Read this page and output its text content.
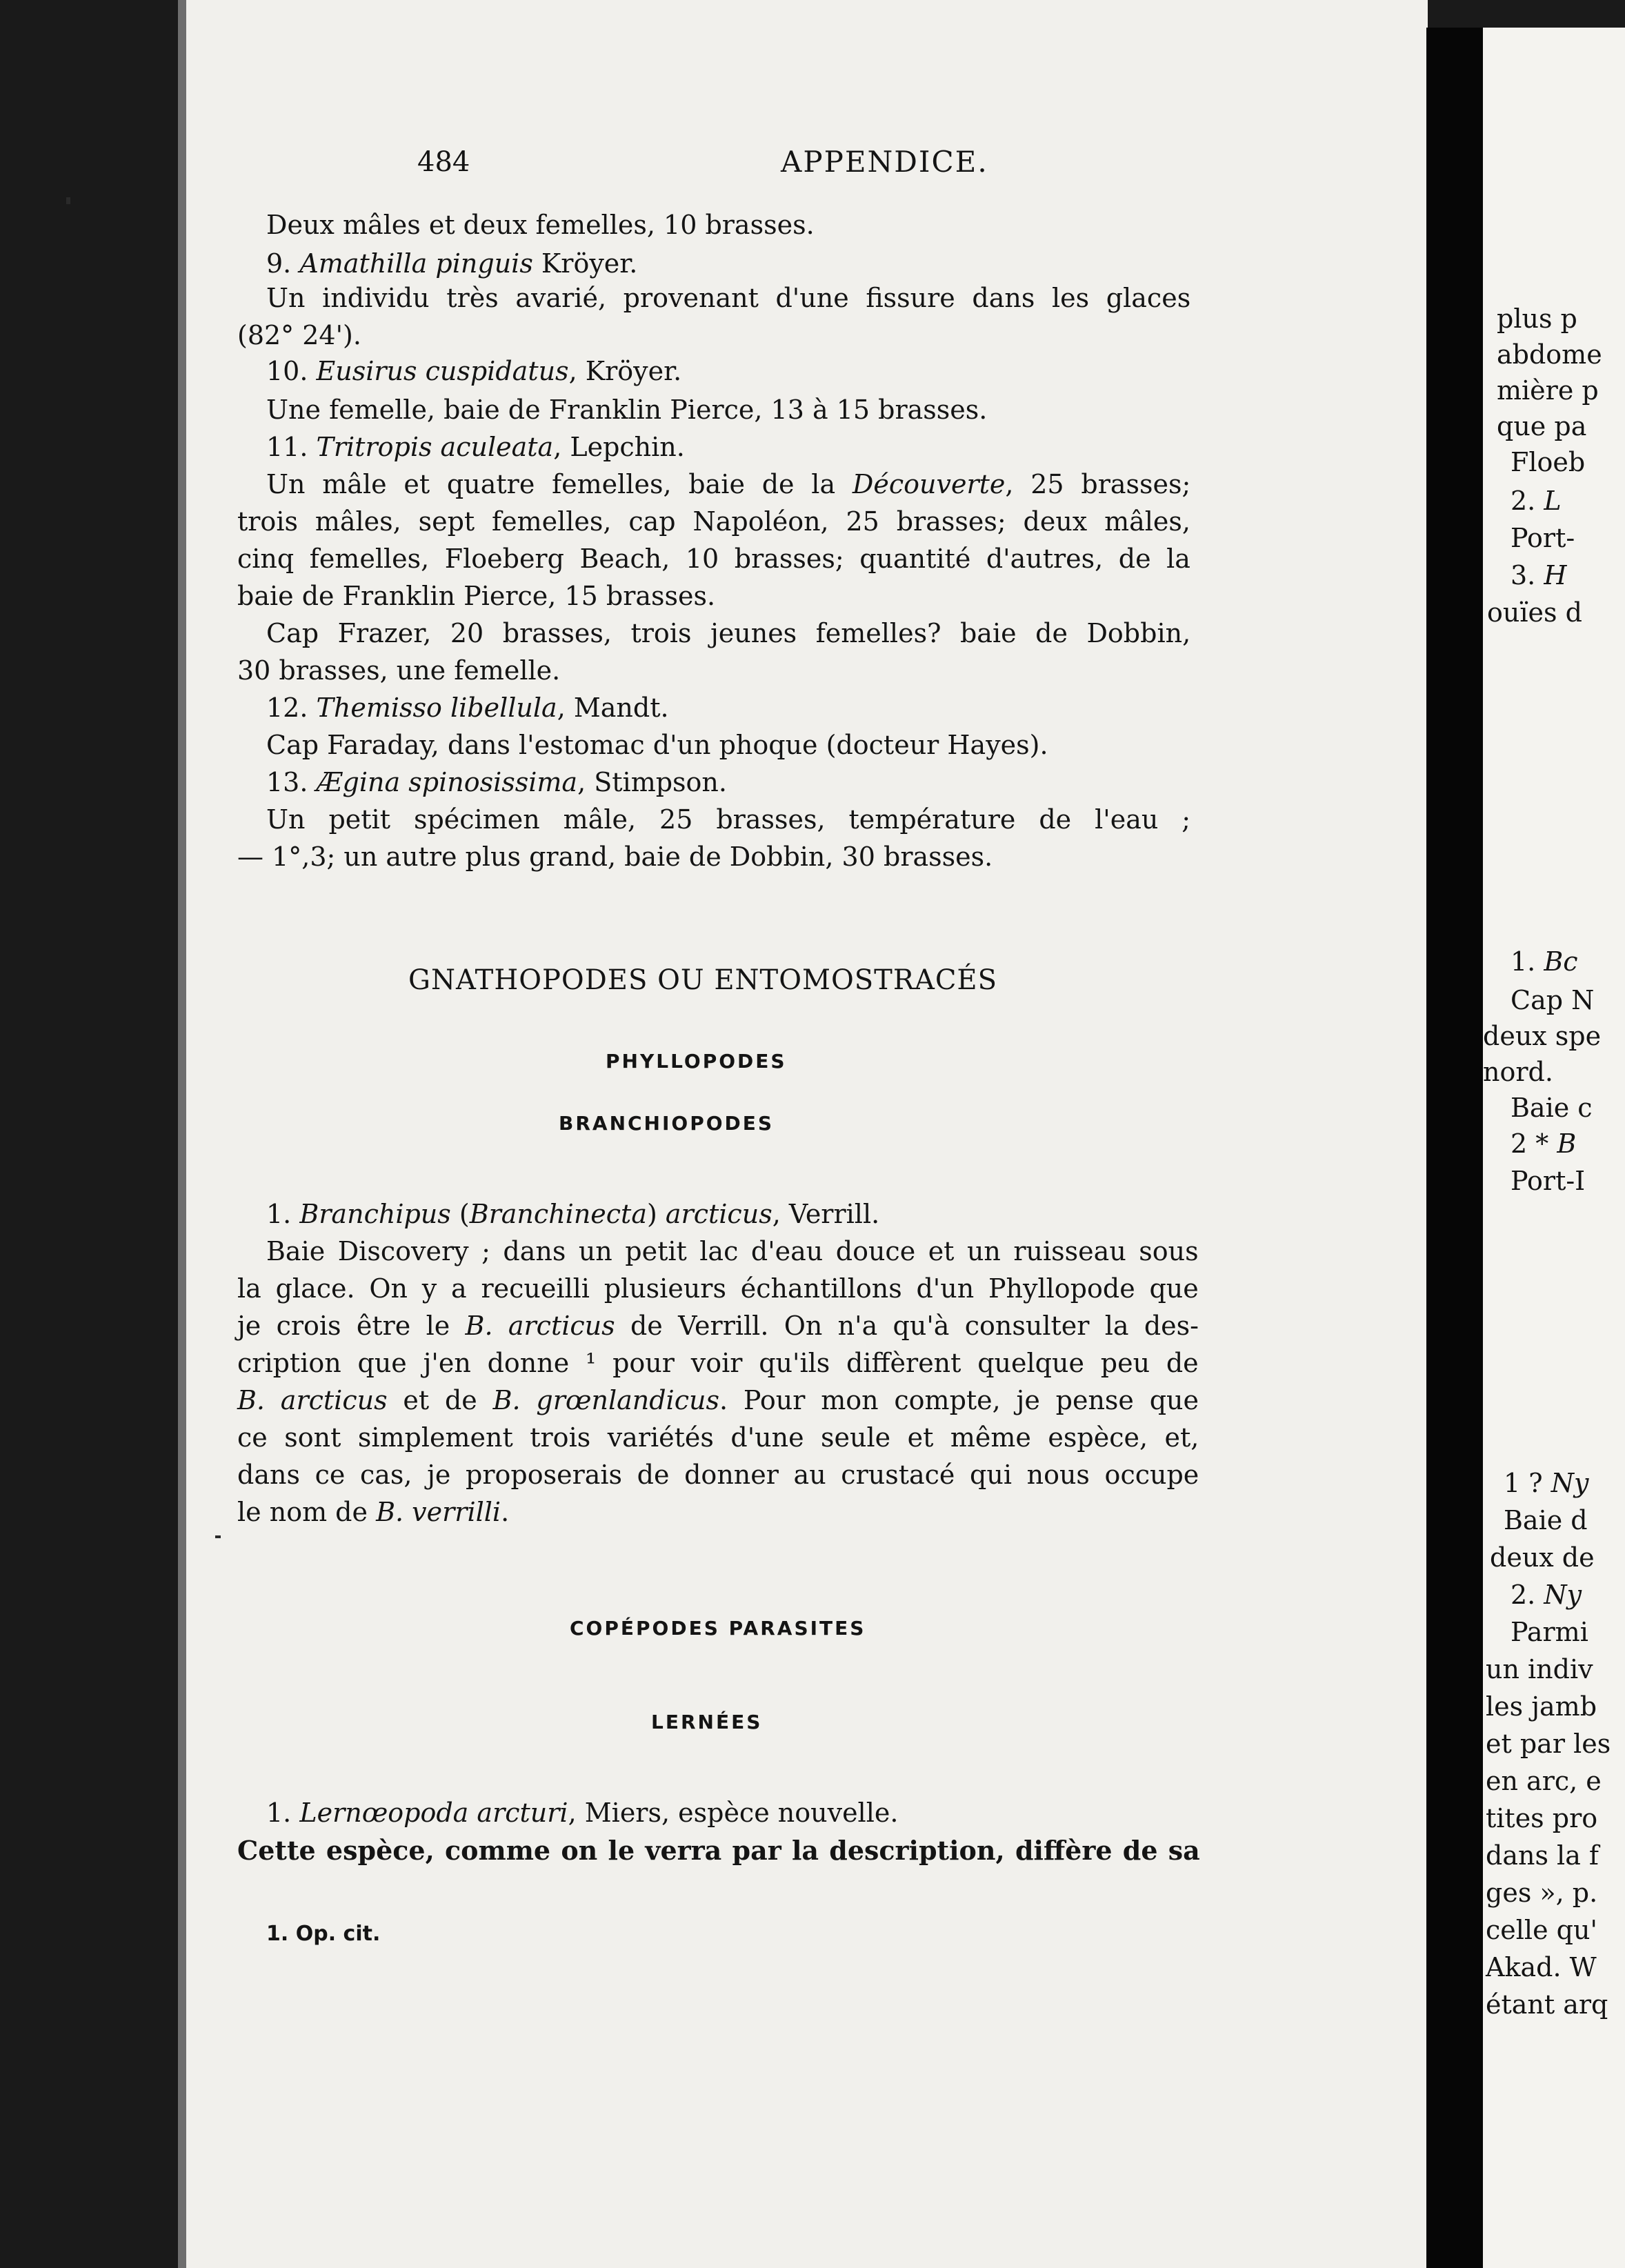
484	APPENDICE.
Deux mâles et deux femelles, 10 brasses.
9. Amathilla pinguis Kröyer.
Un individu très avarié, provenant d'une fissure dans les glaces
(82° 24').
10. Eusirus cuspidatus, Kröyer.
Une femelle, baie de Franklin Pierce, 13 à 15 brasses.
11. Tritropis aculeata, Lepchin.
Un mâle et quatre femelles, baie de la Découverte, 25 brasses;
trois mâles, sept femelles, cap Napoléon, 25 brasses; deux mâles,
cinq femelles, Floeberg Beach, 10 brasses; quantité d'autres, de la
baie de Franklin Pierce, 15 brasses.
Cap Frazer, 20 brasses, trois jeunes femelles? baie de Dobbin,
30 brasses, une femelle.
12. Themisso libellula, Mandt.
Cap Faraday, dans l'estomac d'un phoque (docteur Hayes).
13. Ægina spinosissima, Stimpson.
Un petit spécimen mâle, 25 brasses, température de l'eau ;
— 1°,3; un autre plus grand, baie de Dobbin, 30 brasses.
GNATHOPODES OU ENTOMOSTRACÉS
PHYLLOPODES
BRANCHIOPODES
1. Branchipus (Branchinecta) arcticus, Verrill.
Baie Discovery ; dans un petit lac d'eau douce et un ruisseau sous
la glace. On y a recueilli plusieurs échantillons d'un Phyllopode que
je crois être le B. arcticus de Verrill. On n'a qu'à consulter la des-
cription que j'en donne ¹ pour voir qu'ils diffèrent quelque peu de
B. arcticus et de B. grœnlandicus. Pour mon compte, je pense que
ce sont simplement trois variétés d'une seule et même espèce, et,
dans ce cas, je proposerais de donner au crustacé qui nous occupe
le nom de B. verrilli.
COPÉPODES PARASITES
LERNÉES
1. Lernœopoda arcturi, Miers, espèce nouvelle.
Cette espèce, comme on le verra par la description, diffère de sa
1. Op. cit.
plus p
abdome
mière p
que pa
Floeb
2. L
Port-
3. H
ouïes d
1. Bc
Cap N
deux spe
nord.
Baie c
2 * B
Port-I
1 ? Ny
Baie d
deux de
2. Ny
Parmi
un indiv
les jamb
et par les
en arc, e
tites pro
dans la f
ges », p.
celle qu'
Akad. W
étant arq
